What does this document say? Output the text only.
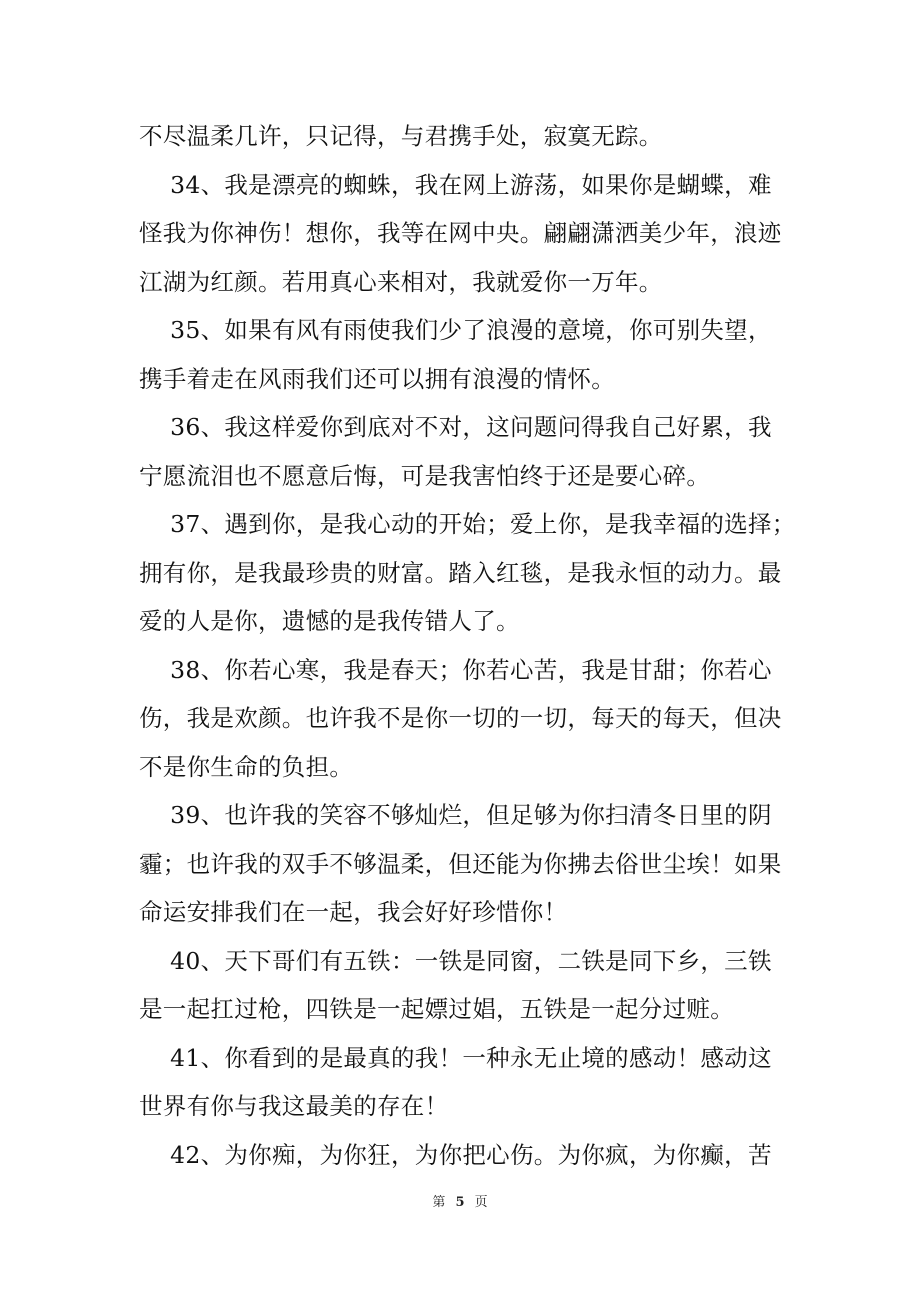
不尽温柔几许，只记得，与君携手处，寂寞无踪。
34、我是漂亮的蜘蛛，我在网上游荡，如果你是蝴蝶，难
怪我为你神伤！想你，我等在网中央。翩翩潇洒美少年，浪迹
江湖为红颜。若用真心来相对，我就爱你一万年。
35、如果有风有雨使我们少了浪漫的意境，你可别失望，
携手着走在风雨我们还可以拥有浪漫的情怀。
36、我这样爱你到底对不对，这问题问得我自己好累，我
宁愿流泪也不愿意后悔，可是我害怕终于还是要心碎。
37、遇到你，是我心动的开始；爱上你，是我幸福的选择；
拥有你，是我最珍贵的财富。踏入红毯，是我永恒的动力。最
爱的人是你，遗憾的是我传错人了。
38、你若心寒，我是春天；你若心苦，我是甘甜；你若心
伤，我是欢颜。也许我不是你一切的一切，每天的每天，但决
不是你生命的负担。
39、也许我的笑容不够灿烂，但足够为你扫清冬日里的阴
霾；也许我的双手不够温柔，但还能为你拂去俗世尘埃！如果
命运安排我们在一起，我会好好珍惜你！
40、天下哥们有五铁：一铁是同窗，二铁是同下乡，三铁
是一起扛过枪，四铁是一起嫖过娼，五铁是一起分过赃。
41、你看到的是最真的我！一种永无止境的感动！感动这
世界有你与我这最美的存在！
42、为你痴，为你狂，为你把心伤。为你疯，为你癫，苦
第 5 页
